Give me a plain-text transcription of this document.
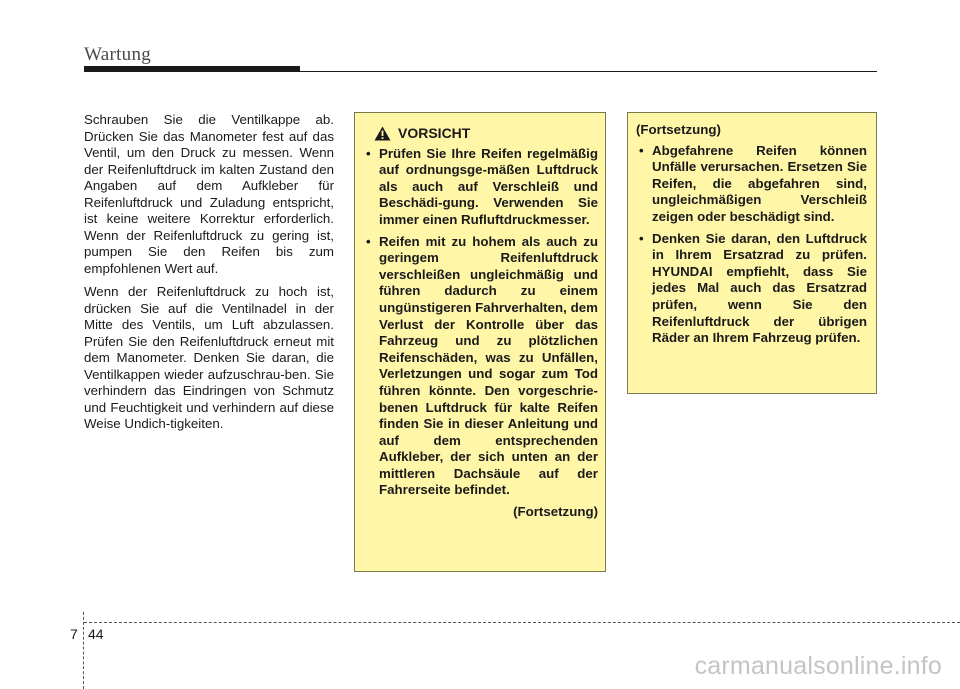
Wartung

Schrauben Sie die Ventilkappe ab. Drücken Sie das Manometer fest auf das Ventil, um den Druck zu messen. Wenn der Reifenluftdruck im kalten Zustand den Angaben auf dem Aufkleber für Reifenluftdruck und Zuladung entspricht, ist keine weitere Korrektur erforderlich. Wenn der Reifenluftdruck zu gering ist, pumpen Sie den Reifen bis zum empfohlenen Wert auf.

Wenn der Reifenluftdruck zu hoch ist, drücken Sie auf die Ventilnadel in der Mitte des Ventils, um Luft abzulassen. Prüfen Sie den Reifenluftdruck erneut mit dem Manometer. Denken Sie daran, die Ventilkappen wieder aufzuschrau-ben. Sie verhindern das Eindringen von Schmutz und Feuchtigkeit und verhindern auf diese Weise Undich-tigkeiten.

VORSICHT
• Prüfen Sie Ihre Reifen regelmäßig auf ordnungsge-mäßen Luftdruck als auch auf Verschleiß und Beschädi-gung. Verwenden Sie immer einen Rufluftdruckmesser.
• Reifen mit zu hohem als auch zu geringem Reifenluftdruck verschleißen ungleichmäßig und führen dadurch zu einem ungünstigeren Fahrverhalten, dem Verlust der Kontrolle über das Fahrzeug und zu plötzlichen Reifenschäden, was zu Unfällen, Verletzungen und sogar zum Tod führen könnte. Den vorgeschrie-benen Luftdruck für kalte Reifen finden Sie in dieser Anleitung und auf dem entsprechenden Aufkleber, der sich unten an der mittleren Dachsäule auf der Fahrerseite befindet.
(Fortsetzung)
(Fortsetzung)
• Abgefahrene Reifen können Unfälle verursachen. Ersetzen Sie Reifen, die abgefahren sind, ungleichmäßigen Verschleiß zeigen oder beschädigt sind.
• Denken Sie daran, den Luftdruck in Ihrem Ersatzrad zu prüfen. HYUNDAI empfiehlt, dass Sie jedes Mal auch das Ersatzrad prüfen, wenn Sie den Reifenluftdruck der übrigen Räder an Ihrem Fahrzeug prüfen.
7 44
carmanualsonline.info
